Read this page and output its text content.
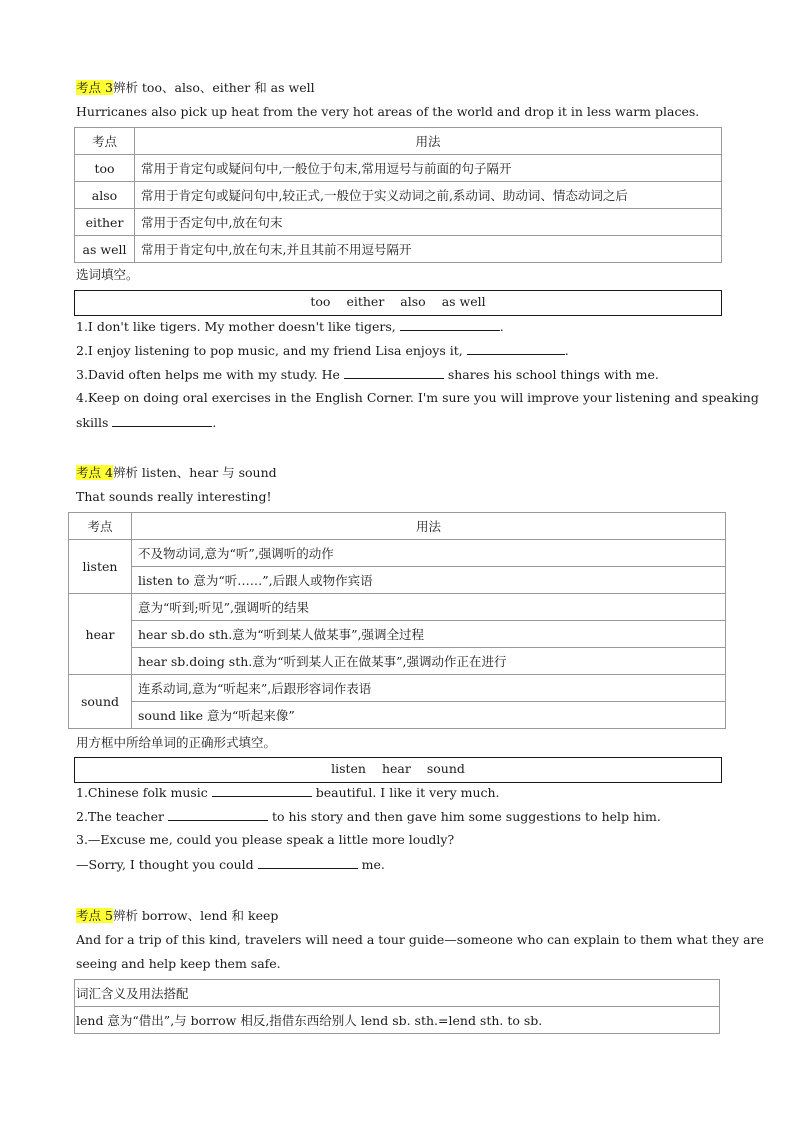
考点 3辨析 too、also、either 和 as well
Hurricanes also pick up heat from the very hot areas of the world and drop it in less warm places.
考点	用法
too	常用于肯定句或疑问句中,一般位于句末,常用逗号与前面的句子隔开
also	常用于肯定句或疑问句中,较正式,一般位于实义动词之前,系动词、助动词、情态动词之后
either	常用于否定句中,放在句末
as well	常用于肯定句中,放在句末,并且其前不用逗号隔开
选词填空。
too either also as well
1.I don't like tigers. My mother doesn't like tigers,	.
2.I enjoy listening to pop music, and my friend Lisa enjoys it,	.
3.David often helps me with my study. He	shares his school things with me.
4.Keep on doing oral exercises in the English Corner. I'm sure you will improve your listening and speaking
skills	.
考点 4辨析 listen、hear 与 sound
That sounds really interesting!
考点	用法
listen	不及物动词,意为“听”,强调听的动作
	listen to 意为“听……”,后跟人或物作宾语
hear	意为“听到;听见”,强调听的结果
	hear sb.do sth.意为“听到某人做某事”,强调全过程
	hear sb.doing sth.意为“听到某人正在做某事”,强调动作正在进行
sound	连系动词,意为“听起来”,后跟形容词作表语
	sound like 意为“听起来像”
用方框中所给单词的正确形式填空。
listen hear sound
1.Chinese folk music	beautiful. I like it very much.
2.The teacher	to his story and then gave him some suggestions to help him.
3.—Excuse me, could you please speak a little more loudly?
—Sorry, I thought you could	me.
考点 5辨析 borrow、lend 和 keep
And for a trip of this kind, travelers will need a tour guide—someone who can explain to them what they are
seeing and help keep them safe.
词汇含义及用法搭配
lend 意为“借出”,与 borrow 相反,指借东西给别人 lend sb. sth.=lend sth. to sb.
